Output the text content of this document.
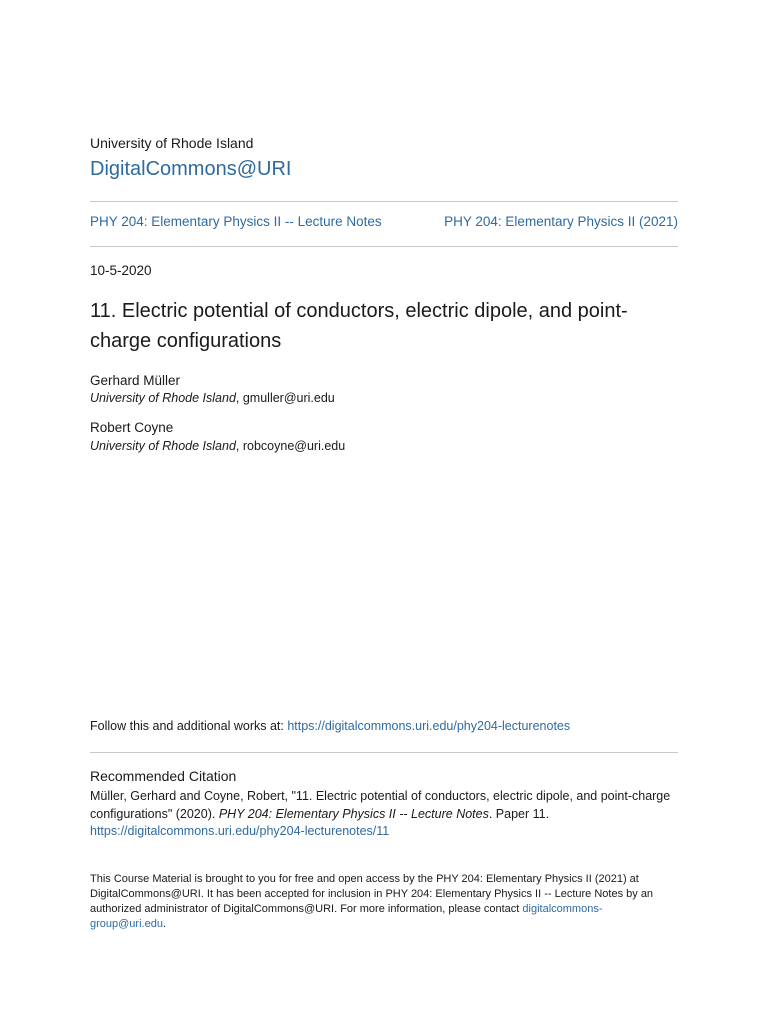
University of Rhode Island
DigitalCommons@URI
PHY 204: Elementary Physics II -- Lecture Notes	PHY 204: Elementary Physics II (2021)
10-5-2020
11. Electric potential of conductors, electric dipole, and point-charge configurations
Gerhard Müller
University of Rhode Island, gmuller@uri.edu
Robert Coyne
University of Rhode Island, robcoyne@uri.edu
Follow this and additional works at: https://digitalcommons.uri.edu/phy204-lecturenotes
Recommended Citation
Müller, Gerhard and Coyne, Robert, "11. Electric potential of conductors, electric dipole, and point-charge configurations" (2020). PHY 204: Elementary Physics II -- Lecture Notes. Paper 11.
https://digitalcommons.uri.edu/phy204-lecturenotes/11
This Course Material is brought to you for free and open access by the PHY 204: Elementary Physics II (2021) at DigitalCommons@URI. It has been accepted for inclusion in PHY 204: Elementary Physics II -- Lecture Notes by an authorized administrator of DigitalCommons@URI. For more information, please contact digitalcommons-group@uri.edu.
